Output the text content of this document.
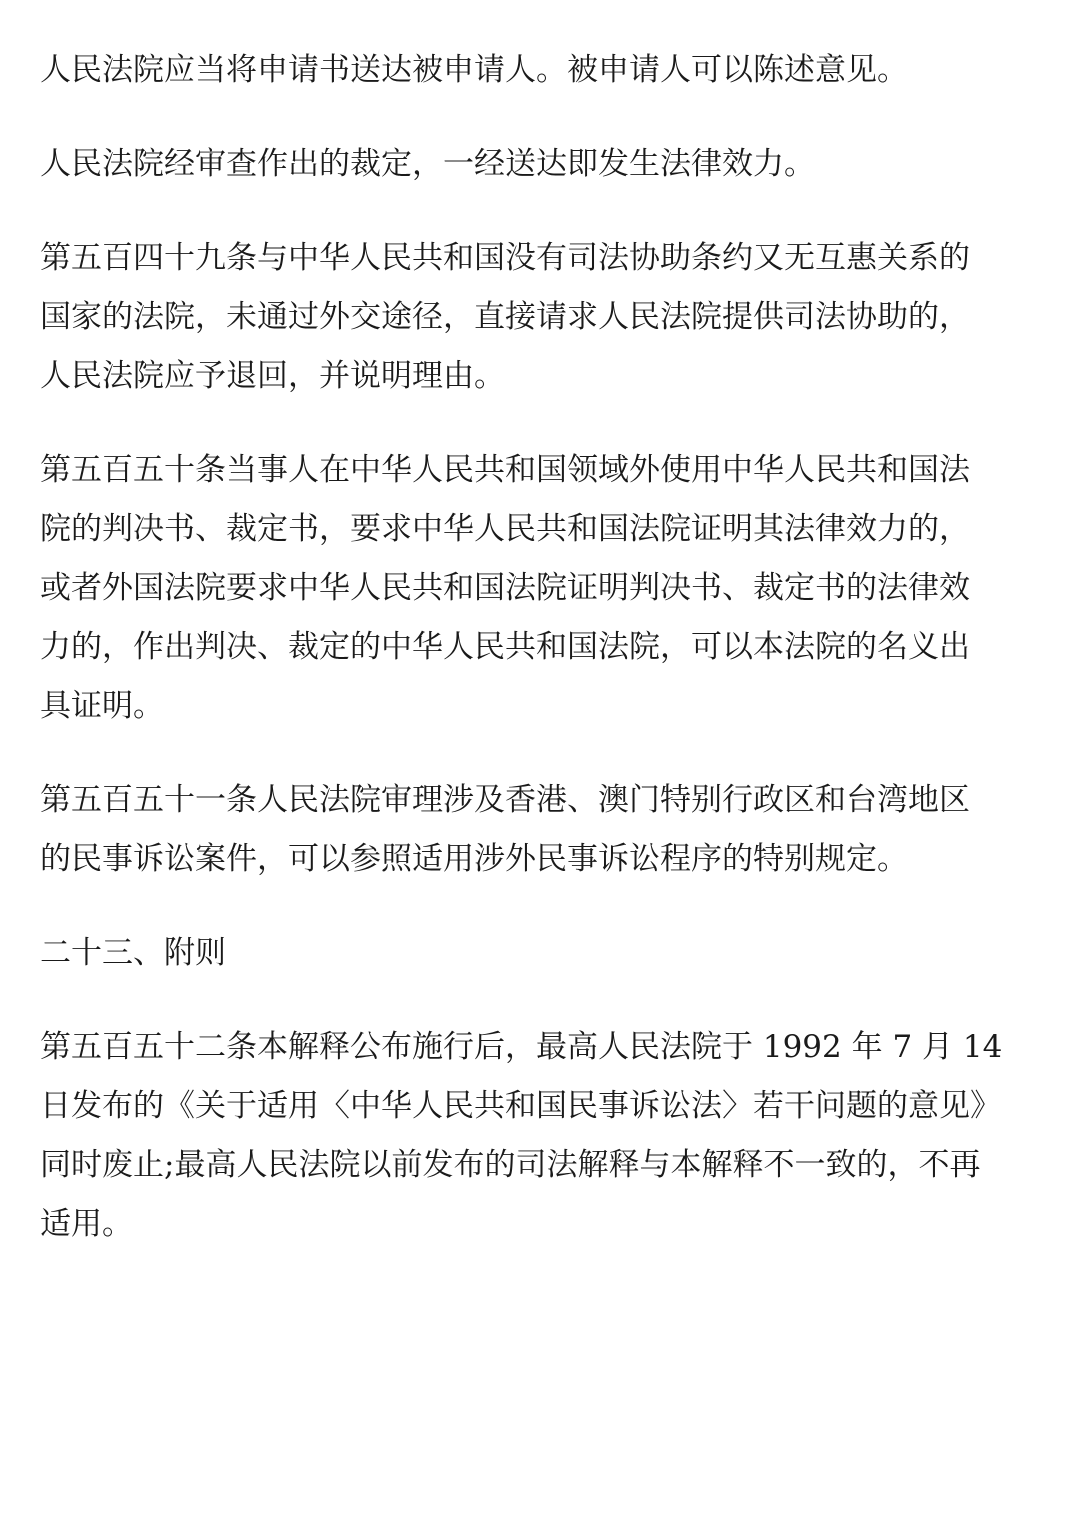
人民法院应当将申请书送达被申请人。被申请人可以陈述意见。
人民法院经审查作出的裁定，一经送达即发生法律效力。
第五百四十九条与中华人民共和国没有司法协助条约又无互惠关系的
国家的法院，未通过外交途径，直接请求人民法院提供司法协助的，
人民法院应予退回，并说明理由。
第五百五十条当事人在中华人民共和国领域外使用中华人民共和国法
院的判决书、裁定书，要求中华人民共和国法院证明其法律效力的，
或者外国法院要求中华人民共和国法院证明判决书、裁定书的法律效
力的，作出判决、裁定的中华人民共和国法院，可以本法院的名义出
具证明。
第五百五十一条人民法院审理涉及香港、澳门特别行政区和台湾地区
的民事诉讼案件，可以参照适用涉外民事诉讼程序的特别规定。
二十三、附则
第五百五十二条本解释公布施行后，最高人民法院于 1992 年 7 月 14
日发布的《关于适用〈中华人民共和国民事诉讼法〉若干问题的意见》
同时废止;最高人民法院以前发布的司法解释与本解释不一致的，不再
适用。
